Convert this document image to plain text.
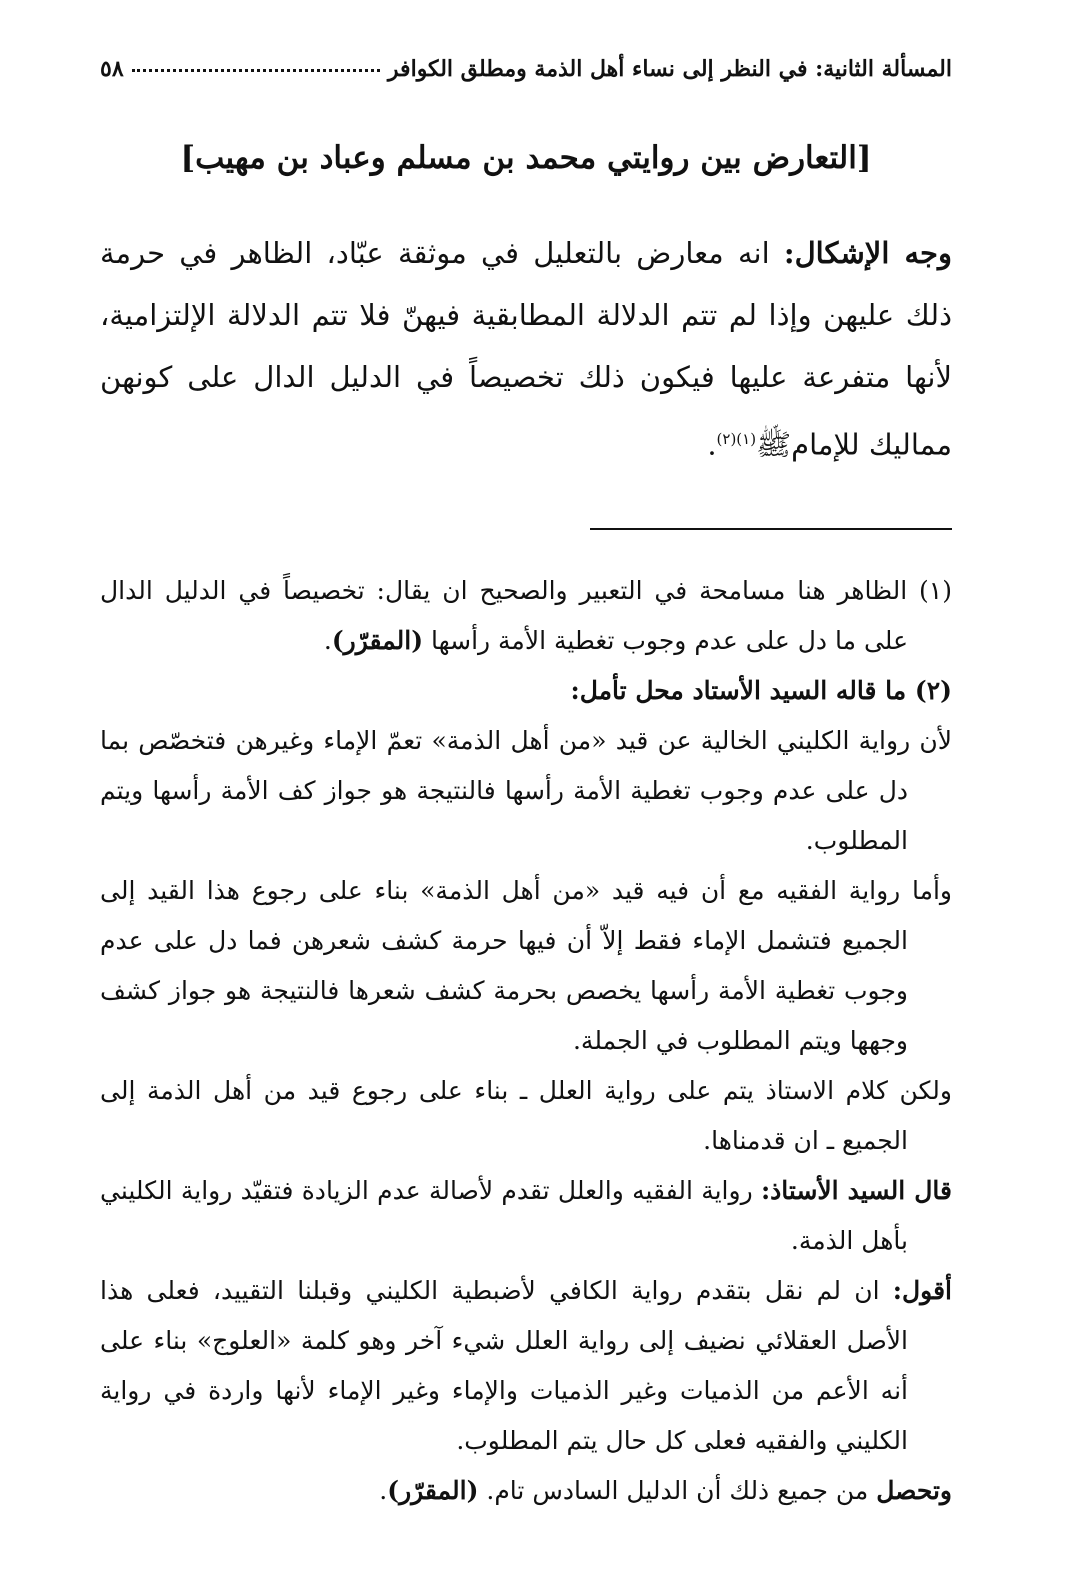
المسألة الثانية: في النظر إلى نساء أهل الذمة ومطلق الكوافر
٥٨
[التعارض بين روايتي محمد بن مسلم وعباد بن مهيب]
وجه الإشكال: انه معارض بالتعليل في موثقة عبّاد، الظاهر في حرمة ذلك عليهن وإذا لم تتم الدلالة المطابقية فيهنّ فلا تتم الدلالة الإلتزامية، لأنها متفرعة عليها فيكون ذلك تخصيصاً في الدليل الدال على كونهن مماليك للإمامﷺ$^{(١)(٢)}$.
(١) الظاهر هنا مسامحة في التعبير والصحيح ان يقال: تخصيصاً في الدليل الدال على ما دل على عدم وجوب تغطية الأمة رأسها (المقرّر).
(٢) ما قاله السيد الأستاد محل تأمل:
لأن رواية الكليني الخالية عن قيد «من أهل الذمة» تعمّ الإماء وغيرهن فتخصّص بما دل على عدم وجوب تغطية الأمة رأسها فالنتيجة هو جواز كف الأمة رأسها ويتم المطلوب.
وأما رواية الفقيه مع أن فيه قيد «من أهل الذمة» بناء على رجوع هذا القيد إلى الجميع فتشمل الإماء فقط إلاّ أن فيها حرمة كشف شعرهن فما دل على عدم وجوب تغطية الأمة رأسها يخصص بحرمة كشف شعرها فالنتيجة هو جواز كشف وجهها ويتم المطلوب في الجملة.
ولكن كلام الاستاذ يتم على رواية العلل ـ بناء على رجوع قيد من أهل الذمة إلى الجميع ـ ان قدمناها.
قال السيد الأستاذ: رواية الفقيه والعلل تقدم لأصالة عدم الزيادة فتقيّد رواية الكليني بأهل الذمة.
أقول: ان لم نقل بتقدم رواية الكافي لأضبطية الكليني وقبلنا التقييد، فعلى هذا الأصل العقلائي نضيف إلى رواية العلل شيء آخر وهو كلمة «العلوج» بناء على أنه الأعم من الذميات وغير الذميات والإماء وغير الإماء لأنها واردة في رواية الكليني والفقيه فعلى كل حال يتم المطلوب.
وتحصل من جميع ذلك أن الدليل السادس تام. (المقرّر).
